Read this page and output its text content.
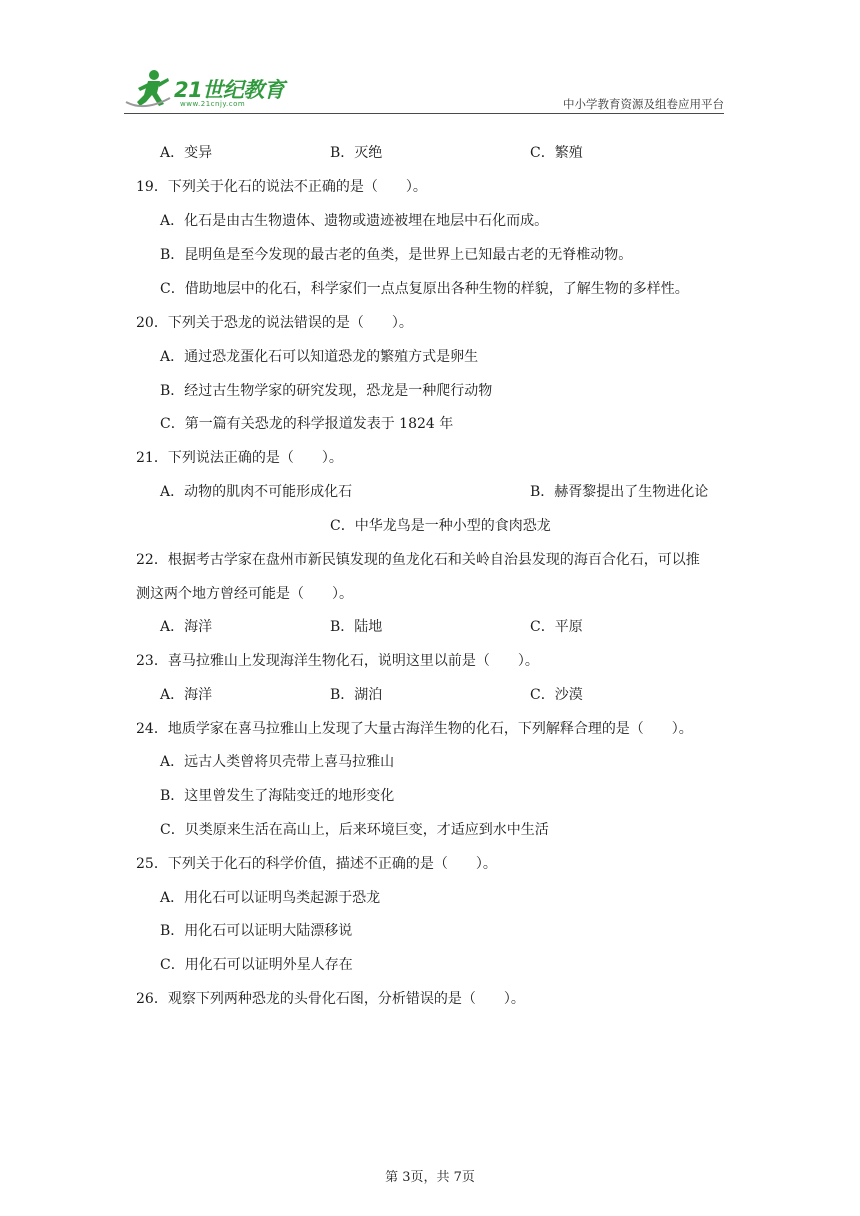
21世纪教育
www.21cnjy.com	中小学教育资源及组卷应用平台
A．变异	B．灭绝	C．繁殖
19．下列关于化石的说法不正确的是（　　）。
A．化石是由古生物遗体、遗物或遗迹被埋在地层中石化而成。
B．昆明鱼是至今发现的最古老的鱼类，是世界上已知最古老的无脊椎动物。
C．借助地层中的化石，科学家们一点点复原出各种生物的样貌，了解生物的多样性。
20．下列关于恐龙的说法错误的是（　　）。
A．通过恐龙蛋化石可以知道恐龙的繁殖方式是卵生
B．经过古生物学家的研究发现，恐龙是一种爬行动物
C．第一篇有关恐龙的科学报道发表于 1824 年
21．下列说法正确的是（　　）。
A．动物的肌肉不可能形成化石	B．赫胥黎提出了生物进化论
C．中华龙鸟是一种小型的食肉恐龙
22．根据考古学家在盘州市新民镇发现的鱼龙化石和关岭自治县发现的海百合化石，可以推
测这两个地方曾经可能是（　　）。
A．海洋	B．陆地	C．平原
23．喜马拉雅山上发现海洋生物化石，说明这里以前是（　　）。
A．海洋	B．湖泊	C．沙漠
24．地质学家在喜马拉雅山上发现了大量古海洋生物的化石，下列解释合理的是（　　）。
A．远古人类曾将贝壳带上喜马拉雅山
B．这里曾发生了海陆变迁的地形变化
C．贝类原来生活在高山上，后来环境巨变，才适应到水中生活
25．下列关于化石的科学价值，描述不正确的是（　　）。
A．用化石可以证明鸟类起源于恐龙
B．用化石可以证明大陆漂移说
C．用化石可以证明外星人存在
26．观察下列两种恐龙的头骨化石图，分析错误的是（　　）。
第 3页，共 7页
